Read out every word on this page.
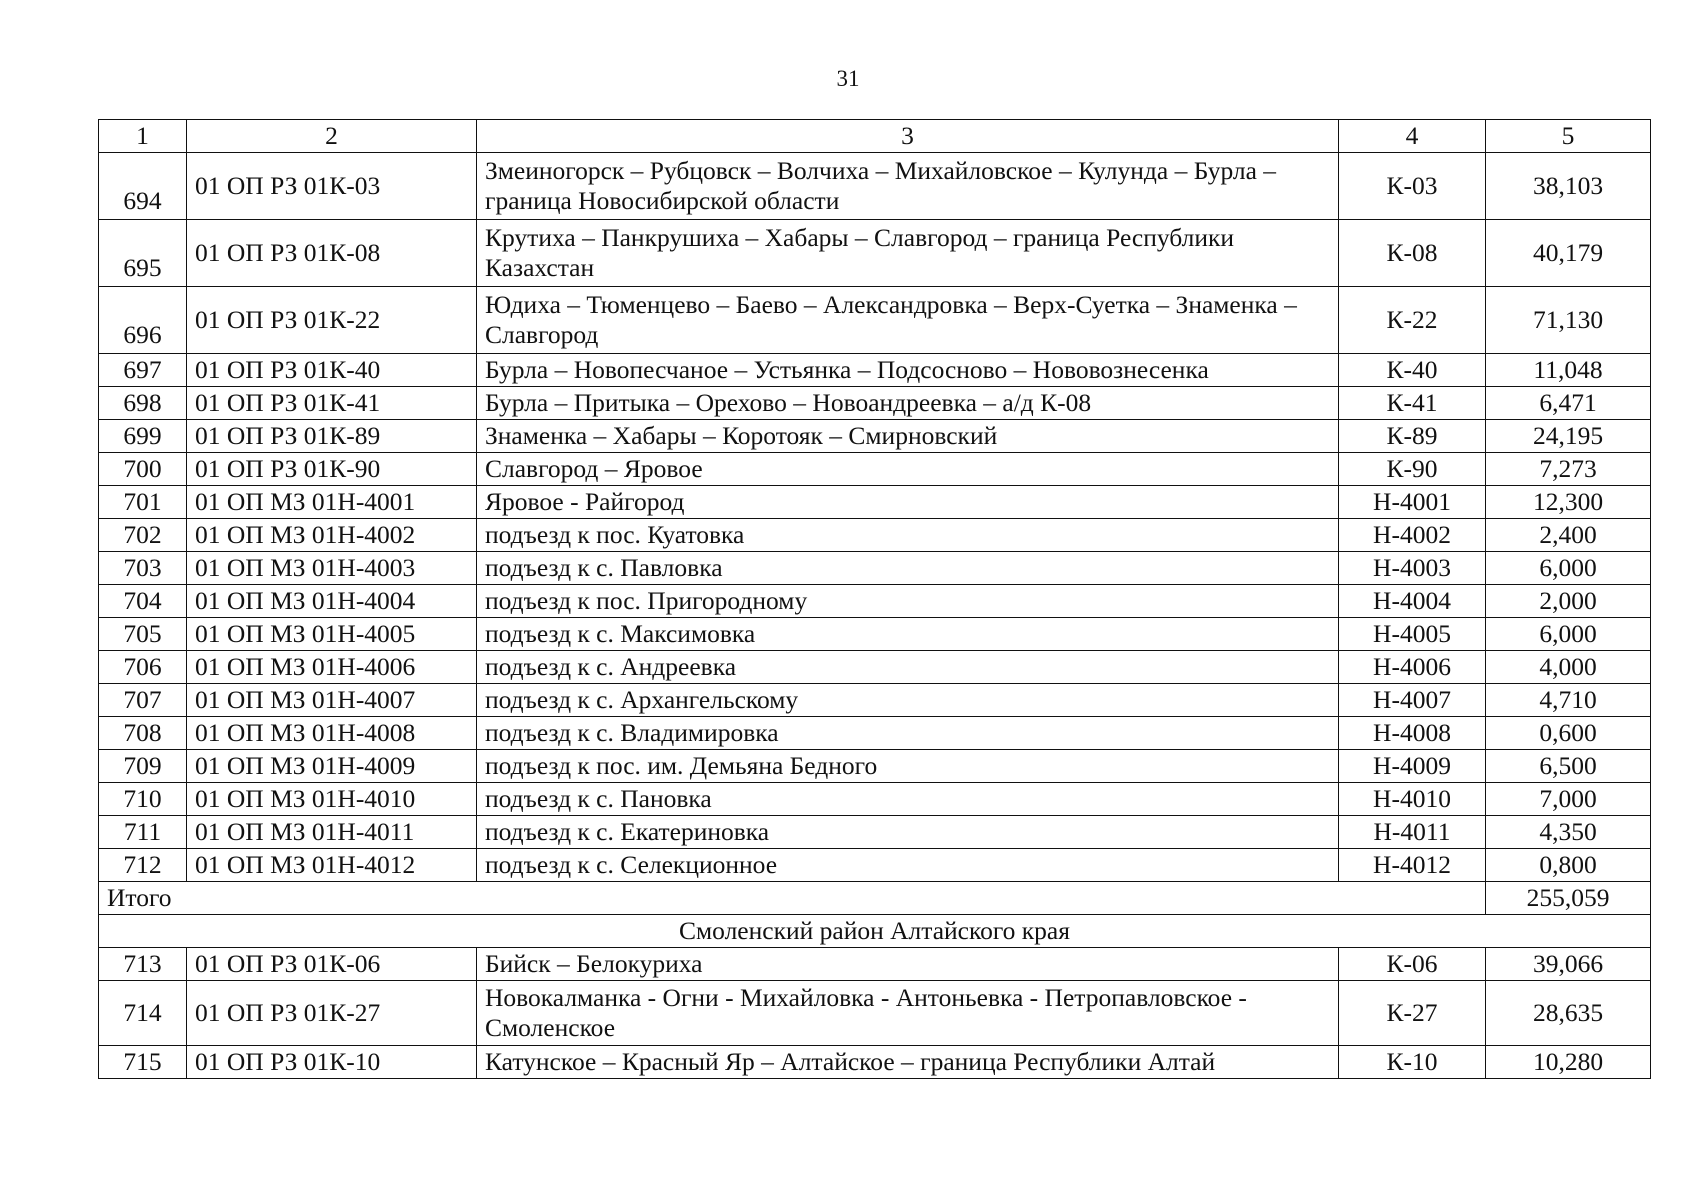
31
1	2	3	4	5
694	01 ОП РЗ 01К-03	Змеиногорск – Рубцовск – Волчиха – Михайловское – Кулунда – Бурла – граница Новосибирской области	К-03	38,103
695	01 ОП РЗ 01К-08	Крутиха – Панкрушиха – Хабары – Славгород – граница Республики Казахстан	К-08	40,179
696	01 ОП РЗ 01К-22	Юдиха – Тюменцево – Баево – Александровка – Верх-Суетка – Знаменка – Славгород	К-22	71,130
697	01 ОП РЗ 01К-40	Бурла – Новопесчаное – Устьянка – Подсосново – Нововознесенка	К-40	11,048
698	01 ОП РЗ 01К-41	Бурла – Притыка – Орехово – Новоандреевка – а/д К-08	К-41	6,471
699	01 ОП РЗ 01К-89	Знаменка – Хабары – Коротояк – Смирновский	К-89	24,195
700	01 ОП РЗ 01К-90	Славгород – Яровое	К-90	7,273
701	01 ОП МЗ 01Н-4001	Яровое - Райгород	Н-4001	12,300
702	01 ОП МЗ 01Н-4002	подъезд к пос. Куатовка	Н-4002	2,400
703	01 ОП МЗ 01Н-4003	подъезд к с. Павловка	Н-4003	6,000
704	01 ОП МЗ 01Н-4004	подъезд к пос. Пригородному	Н-4004	2,000
705	01 ОП МЗ 01Н-4005	подъезд к с. Максимовка	Н-4005	6,000
706	01 ОП МЗ 01Н-4006	подъезд к с. Андреевка	Н-4006	4,000
707	01 ОП МЗ 01Н-4007	подъезд к с. Архангельскому	Н-4007	4,710
708	01 ОП МЗ 01Н-4008	подъезд к с. Владимировка	Н-4008	0,600
709	01 ОП МЗ 01Н-4009	подъезд к пос. им. Демьяна Бедного	Н-4009	6,500
710	01 ОП МЗ 01Н-4010	подъезд к с. Пановка	Н-4010	7,000
711	01 ОП МЗ 01Н-4011	подъезд к с. Екатериновка	Н-4011	4,350
712	01 ОП МЗ 01Н-4012	подъезд к с. Селекционное	Н-4012	0,800
Итого				255,059
Смоленский район Алтайского края				
713	01 ОП РЗ 01К-06	Бийск – Белокуриха	К-06	39,066
714	01 ОП РЗ 01К-27	Новокалманка - Огни - Михайловка - Антоньевка - Петропавловское - Смоленское	К-27	28,635
715	01 ОП РЗ 01К-10	Катунское – Красный Яр – Алтайское – граница Республики Алтай	К-10	10,280
